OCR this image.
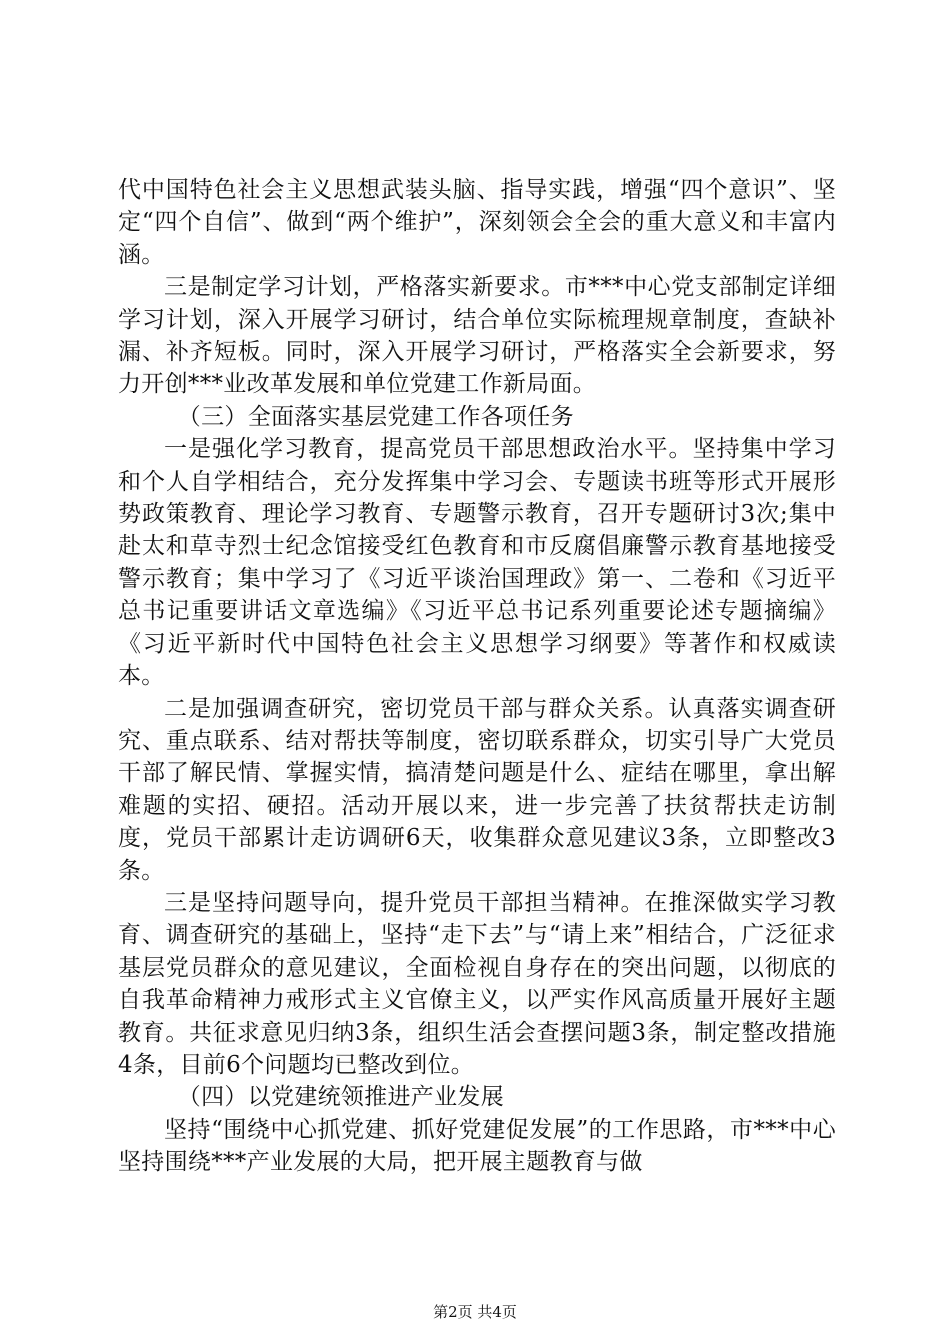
代中国特色社会主义思想武装头脑、指导实践，增强“四个意识”、坚定“四个自信”、做到“两个维护”，深刻领会全会的重大意义和丰富内涵。

三是制定学习计划，严格落实新要求。市***中心党支部制定详细学习计划，深入开展学习研讨，结合单位实际梳理规章制度，查缺补漏、补齐短板。同时，深入开展学习研讨，严格落实全会新要求，努力开创***业改革发展和单位党建工作新局面。

（三）全面落实基层党建工作各项任务

一是强化学习教育，提高党员干部思想政治水平。坚持集中学习和个人自学相结合，充分发挥集中学习会、专题读书班等形式开展形势政策教育、理论学习教育、专题警示教育，召开专题研讨3次;集中赴太和草寺烈士纪念馆接受红色教育和市反腐倡廉警示教育基地接受警示教育；集中学习了《习近平谈治国理政》第一、二卷和《习近平总书记重要讲话文章选编》《习近平总书记系列重要论述专题摘编》《习近平新时代中国特色社会主义思想学习纲要》等著作和权威读本。

二是加强调查研究，密切党员干部与群众关系。认真落实调查研究、重点联系、结对帮扶等制度，密切联系群众，切实引导广大党员干部了解民情、掌握实情，搞清楚问题是什么、症结在哪里，拿出解难题的实招、硬招。活动开展以来，进一步完善了扶贫帮扶走访制度，党员干部累计走访调研6天，收集群众意见建议3条，立即整改3条。

三是坚持问题导向，提升党员干部担当精神。在推深做实学习教育、调查研究的基础上，坚持“走下去”与“请上来”相结合，广泛征求基层党员群众的意见建议，全面检视自身存在的突出问题，以彻底的自我革命精神力戒形式主义官僚主义，以严实作风高质量开展好主题教育。共征求意见归纳3条，组织生活会查摆问题3条，制定整改措施4条，目前6个问题均已整改到位。

（四）以党建统领推进产业发展

坚持“围绕中心抓党建、抓好党建促发展”的工作思路，市***中心坚持围绕***产业发展的大局，把开展主题教育与做

第2页 共4页
